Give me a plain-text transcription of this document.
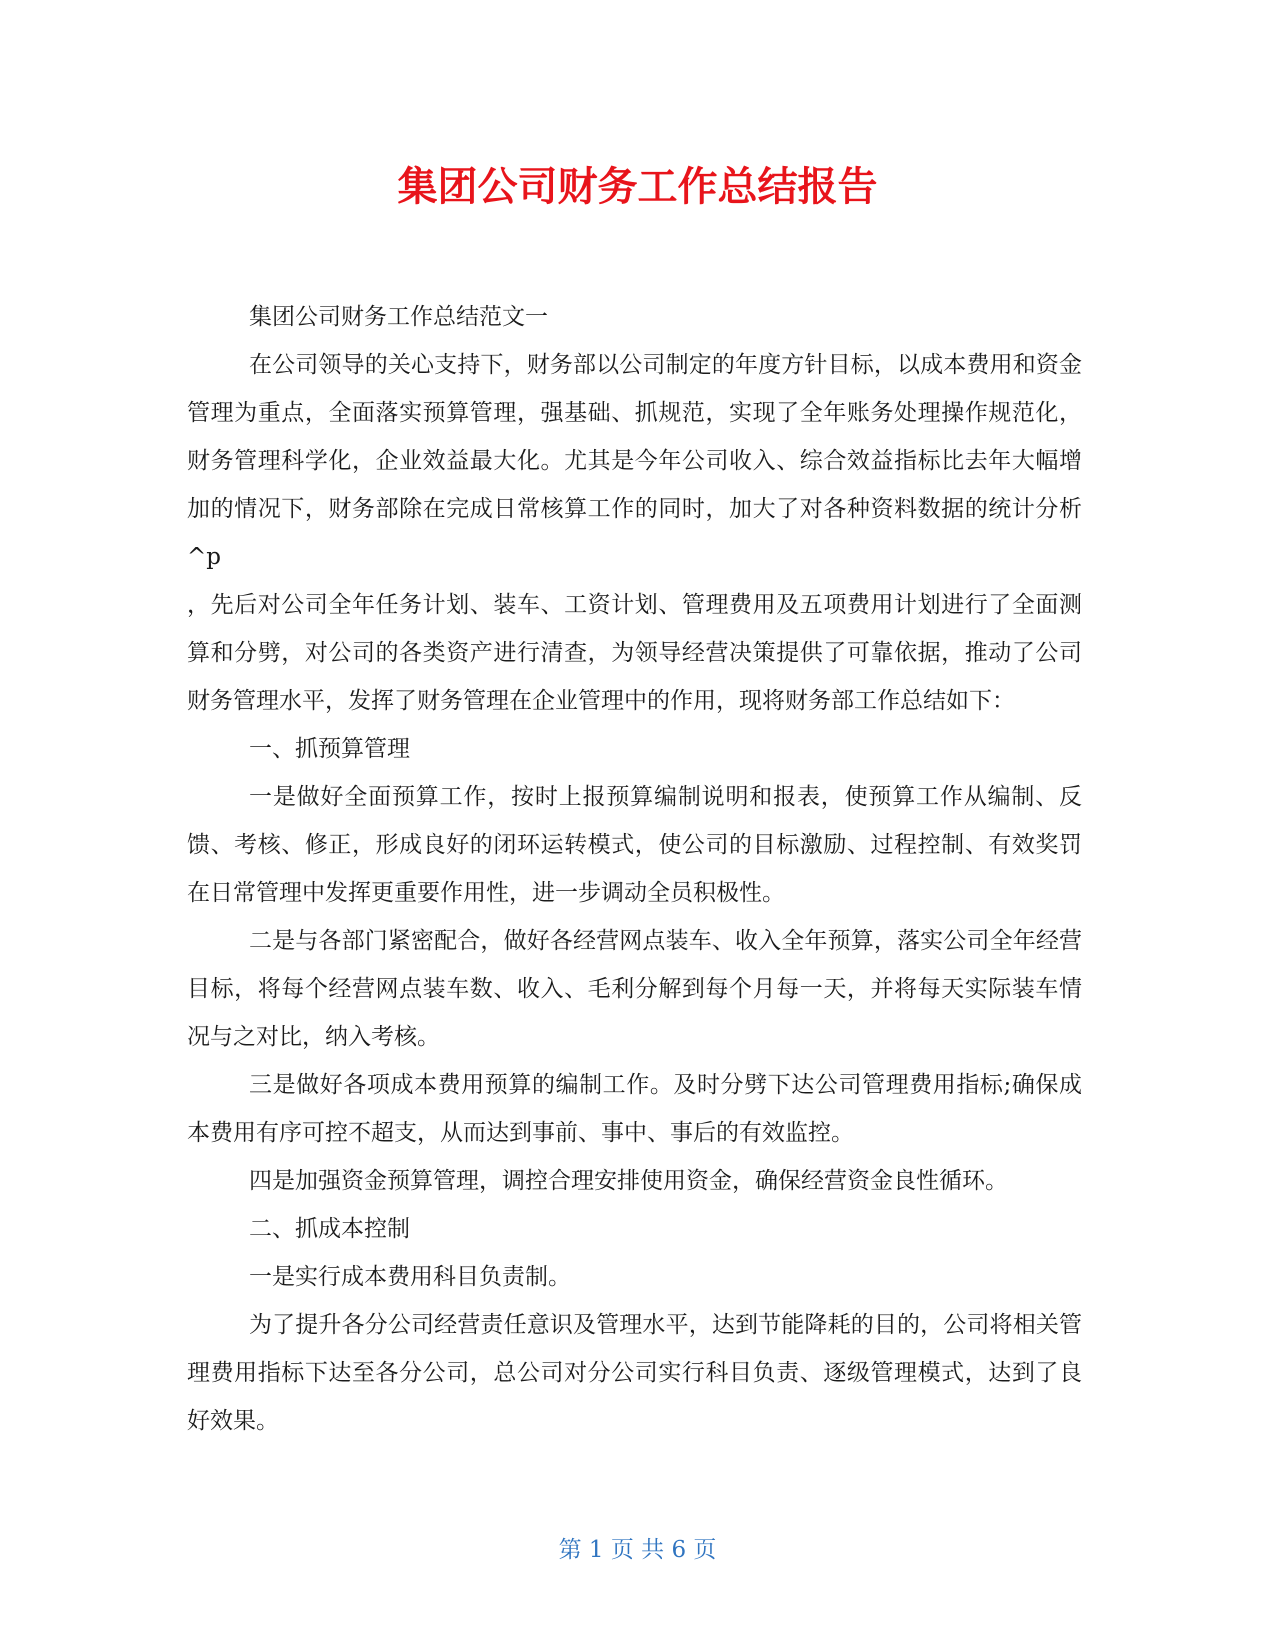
集团公司财务工作总结报告

集团公司财务工作总结范文一

在公司领导的关心支持下，财务部以公司制定的年度方针目标，以成本费用和资金管理为重点，全面落实预算管理，强基础、抓规范，实现了全年账务处理操作规范化，财务管理科学化，企业效益最大化。尤其是今年公司收入、综合效益指标比去年大幅增加的情况下，财务部除在完成日常核算工作的同时，加大了对各种资料数据的统计分析^p

，先后对公司全年任务计划、装车、工资计划、管理费用及五项费用计划进行了全面测算和分劈，对公司的各类资产进行清查，为领导经营决策提供了可靠依据，推动了公司财务管理水平，发挥了财务管理在企业管理中的作用，现将财务部工作总结如下：

一、抓预算管理

一是做好全面预算工作，按时上报预算编制说明和报表，使预算工作从编制、反馈、考核、修正，形成良好的闭环运转模式，使公司的目标激励、过程控制、有效奖罚在日常管理中发挥更重要作用性，进一步调动全员积极性。

二是与各部门紧密配合，做好各经营网点装车、收入全年预算，落实公司全年经营目标，将每个经营网点装车数、收入、毛利分解到每个月每一天，并将每天实际装车情况与之对比，纳入考核。

三是做好各项成本费用预算的编制工作。及时分劈下达公司管理费用指标;确保成本费用有序可控不超支，从而达到事前、事中、事后的有效监控。

四是加强资金预算管理，调控合理安排使用资金，确保经营资金良性循环。

二、抓成本控制

一是实行成本费用科目负责制。

为了提升各分公司经营责任意识及管理水平，达到节能降耗的目的，公司将相关管理费用指标下达至各分公司，总公司对分公司实行科目负责、逐级管理模式，达到了良好效果。

第 1 页 共 6 页
